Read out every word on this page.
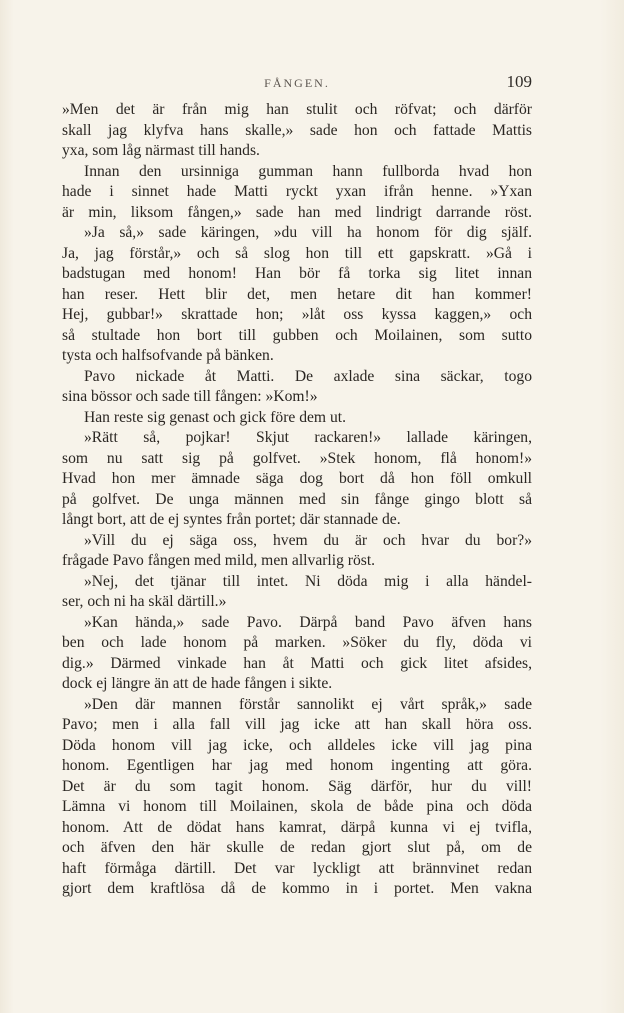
FÅNGEN.	109
»Men det är från mig han stulit och röfvat; och därför
skall jag klyfva hans skalle,» sade hon och fattade Mattis
yxa, som låg närmast till hands.
Innan den ursinniga gumman hann fullborda hvad hon
hade i sinnet hade Matti ryckt yxan ifrån henne. »Yxan
är min, liksom fången,» sade han med lindrigt darrande röst.
»Ja så,» sade käringen, »du vill ha honom för dig själf.
Ja, jag förstår,» och så slog hon till ett gapskratt. »Gå i
badstugan med honom! Han bör få torka sig litet innan
han reser. Hett blir det, men hetare dit han kommer!
Hej, gubbar!» skrattade hon; »låt oss kyssa kaggen,» och
så stultade hon bort till gubben och Moilainen, som sutto
tysta och halfsofvande på bänken.
Pavo nickade åt Matti. De axlade sina säckar, togo
sina bössor och sade till fången: »Kom!»
Han reste sig genast och gick före dem ut.
»Rätt så, pojkar! Skjut rackaren!» lallade käringen,
som nu satt sig på golfvet. »Stek honom, flå honom!»
Hvad hon mer ämnade säga dog bort då hon föll omkull
på golfvet. De unga männen med sin fånge gingo blott så
långt bort, att de ej syntes från portet; där stannade de.
»Vill du ej säga oss, hvem du är och hvar du bor?»
frågade Pavo fången med mild, men allvarlig röst.
»Nej, det tjänar till intet. Ni döda mig i alla händel-
ser, och ni ha skäl därtill.»
»Kan hända,» sade Pavo. Därpå band Pavo äfven hans
ben och lade honom på marken. »Söker du fly, döda vi
dig.» Därmed vinkade han åt Matti och gick litet afsides,
dock ej längre än att de hade fången i sikte.
»Den där mannen förstår sannolikt ej vårt språk,» sade
Pavo; men i alla fall vill jag icke att han skall höra oss.
Döda honom vill jag icke, och alldeles icke vill jag pina
honom. Egentligen har jag med honom ingenting att göra.
Det är du som tagit honom. Säg därför, hur du vill!
Lämna vi honom till Moilainen, skola de både pina och döda
honom. Att de dödat hans kamrat, därpå kunna vi ej tvifla,
och äfven den här skulle de redan gjort slut på, om de
haft förmåga därtill. Det var lyckligt att brännvinet redan
gjort dem kraftlösa då de kommo in i portet. Men vakna
